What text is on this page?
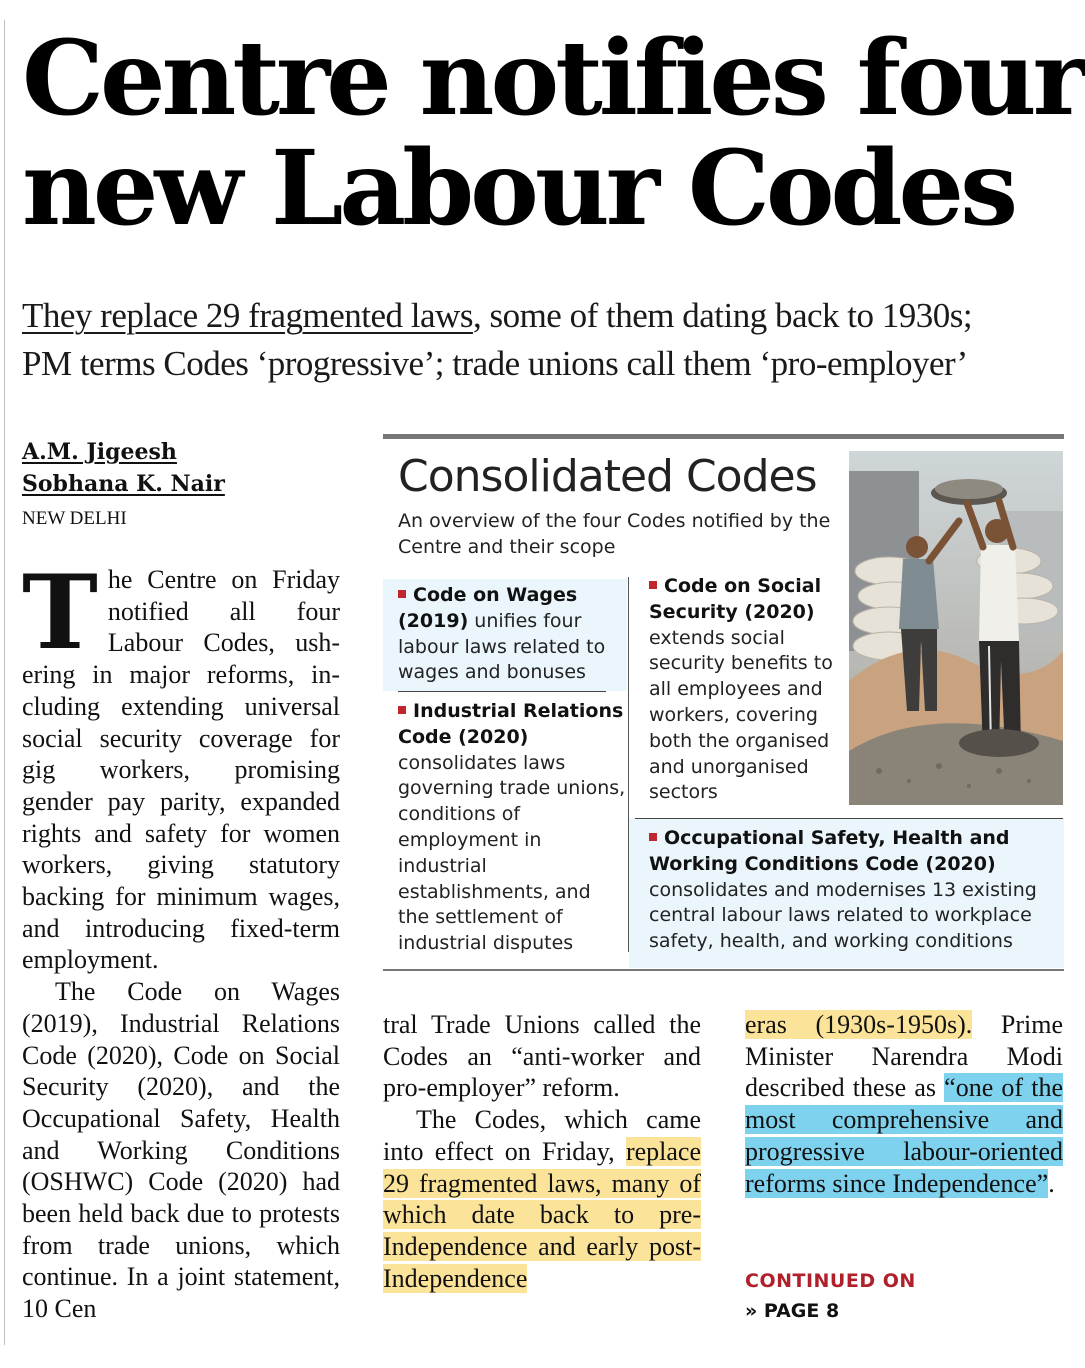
Centre notifies four
new Labour Codes

They replace 29 fragmented laws, some of them dating back to 1930s;
PM terms Codes ‘progressive’; trade unions call them ‘pro-employer’

A.M. Jigeesh
Sobhana K. Nair
NEW DELHI
Consolidated Codes

An overview of the four Codes notified by the Centre and their scope

Code on Wages (2019) unifies four labour laws related to wages and bonuses
Industrial Relations Code (2020) consolidates laws governing trade unions, conditions of employment in industrial establishments, and the settlement of industrial disputes
Code on Social Security (2020) extends social security benefits to all employees and workers, covering both the organised and unorganised sectors
Occupational Safety, Health and Working Conditions Code (2020) consolidates and modernises 13 existing central labour laws related to workplace safety, health, and working conditions

The Centre on Friday notified all four Labour Codes, ushering in major reforms, including extending universal social security coverage for gig workers, promising gender pay parity, expanded rights and safety for women workers, giving statutory backing for minimum wages, and introducing fixed-term employment.

The Code on Wages (2019), Industrial Relations Code (2020), Code on Social Security (2020), and the Occupational Safety, Health and Working Conditions (OSHWC) Code (2020) had been held back due to protests from trade unions, which continue. In a joint statement, 10 Cen

tral Trade Unions called the Codes an “anti-worker and pro-employer” reform.

The Codes, which came into effect on Friday, replace 29 fragmented laws, many of which date back to pre-Independence and early post-Independence

eras (1930s-1950s). Prime Minister Narendra Modi described these as “one of the most comprehensive and progressive labour-oriented reforms since Independence”.

CONTINUED ON
» PAGE 8
